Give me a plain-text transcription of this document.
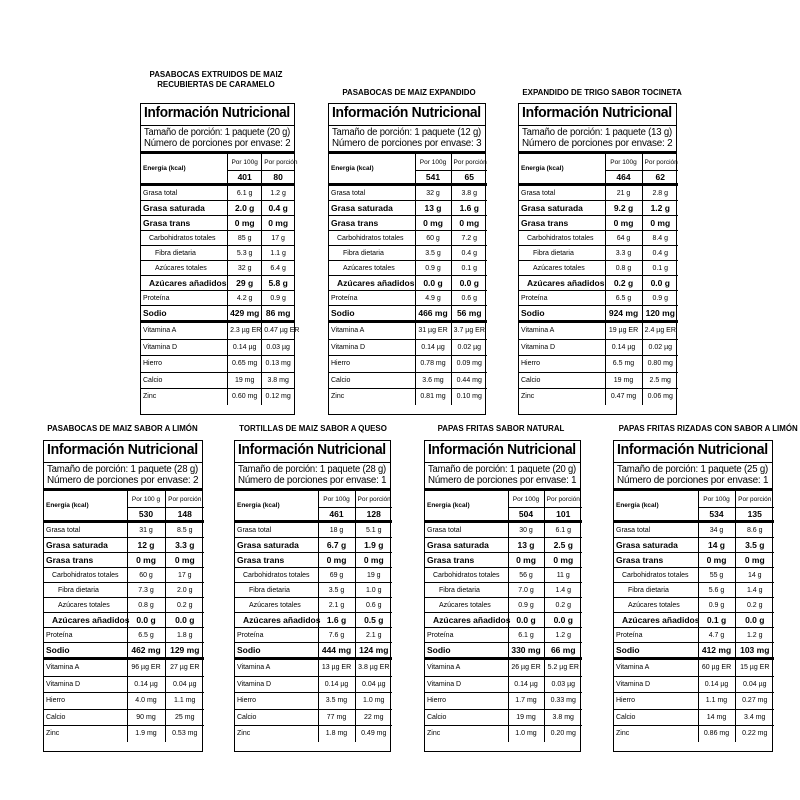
PASABOCAS EXTRUIDOS DE MAIZ
RECUBIERTAS DE CARAMELO
Información Nutricional
Tamaño de porción: 1 paquete (20 g)
Número de porciones por envase: 2
Energía (kcal)	Por 100g	Por porción
	401	80
Grasa total	6.1 g	1.2 g
Grasa saturada	2.0 g	0.4 g
Grasa trans	0 mg	0 mg
Carbohidratos totales	85 g	17 g
Fibra dietaria	5.3 g	1.1 g
Azúcares totales	32 g	6.4 g
Azúcares añadidos	29 g	5.8 g
Proteína	4.2 g	0.9 g
Sodio	429 mg	86 mg
Vitamina A	2.3 µg ER	0.47 µg ER
Vitamina D	0.14 µg	0.03 µg
Hierro	0.65 mg	0.13 mg
Calcio	19 mg	3.8 mg
Zinc	0.60 mg	0.12 mg
PASABOCAS DE MAIZ EXPANDIDO
Información Nutricional
Tamaño de porción: 1 paquete (12 g)
Número de porciones por envase: 3
Energía (kcal)	Por 100g	Por porción
	541	65
Grasa total	32 g	3.8 g
Grasa saturada	13 g	1.6 g
Grasa trans	0 mg	0 mg
Carbohidratos totales	60 g	7.2 g
Fibra dietaria	3.5 g	0.4 g
Azúcares totales	0.9 g	0.1 g
Azúcares añadidos	0.0 g	0.0 g
Proteína	4.9 g	0.6 g
Sodio	466 mg	56 mg
Vitamina A	31 µg ER	3.7 µg ER
Vitamina D	0.14 µg	0.02 µg
Hierro	0.78 mg	0.09 mg
Calcio	3.6 mg	0.44 mg
Zinc	0.81 mg	0.10 mg
EXPANDIDO DE TRIGO SABOR TOCINETA
Información Nutricional
Tamaño de porción: 1 paquete (13 g)
Número de porciones por envase: 2
Energía (kcal)	Por 100g	Por porción
	464	62
Grasa total	21 g	2.8 g
Grasa saturada	9.2 g	1.2 g
Grasa trans	0 mg	0 mg
Carbohidratos totales	64 g	8.4 g
Fibra dietaria	3.3 g	0.4 g
Azúcares totales	0.8 g	0.1 g
Azúcares añadidos	0.2 g	0.0 g
Proteína	6.5 g	0.9 g
Sodio	924 mg	120 mg
Vitamina A	19 µg ER	2.4 µg ER
Vitamina D	0.14 µg	0.02 µg
Hierro	6.5 mg	0.80 mg
Calcio	19 mg	2.5 mg
Zinc	0.47 mg	0.06 mg
PASABOCAS DE MAIZ SABOR A LIMÓN
Información Nutricional
Tamaño de porción: 1 paquete (28 g)
Número de porciones por envase: 2
Energía (kcal)	Por 100 g	Por porción
	530	148
Grasa total	31 g	8.5 g
Grasa saturada	12 g	3.3 g
Grasa trans	0 mg	0 mg
Carbohidratos totales	60 g	17 g
Fibra dietaria	7.3 g	2.0 g
Azúcares totales	0.8 g	0.2 g
Azúcares añadidos	0.0 g	0.0 g
Proteína	6.5 g	1.8 g
Sodio	462 mg	129 mg
Vitamina A	96 µg ER	27 µg ER
Vitamina D	0.14 µg	0.04 µg
Hierro	4.0 mg	1.1 mg
Calcio	90 mg	25 mg
Zinc	1.9 mg	0.53 mg
TORTILLAS DE MAIZ SABOR A QUESO
Información Nutricional
Tamaño de porción: 1 paquete (28 g)
Número de porciones por envase: 1
Energía (kcal)	Por 100g	Por porción
	461	128
Grasa total	18 g	5.1 g
Grasa saturada	6.7 g	1.9 g
Grasa trans	0 mg	0 mg
Carbohidratos totales	69 g	19 g
Fibra dietaria	3.5 g	1.0 g
Azúcares totales	2.1 g	0.6 g
Azúcares añadidos	1.6 g	0.5 g
Proteína	7.6 g	2.1 g
Sodio	444 mg	124 mg
Vitamina A	13 µg ER	3.8 µg ER
Vitamina D	0.14 µg	0.04 µg
Hierro	3.5 mg	1.0 mg
Calcio	77 mg	22 mg
Zinc	1.8 mg	0.49 mg
PAPAS FRITAS SABOR NATURAL
Información Nutricional
Tamaño de porción: 1 paquete (20 g)
Número de porciones por envase: 1
Energía (kcal)	Por 100g	Por porción
	504	101
Grasa total	30 g	6.1 g
Grasa saturada	13 g	2.5 g
Grasa trans	0 mg	0 mg
Carbohidratos totales	56 g	11 g
Fibra dietaria	7.0 g	1.4 g
Azúcares totales	0.9 g	0.2 g
Azúcares añadidos	0.0 g	0.0 g
Proteína	6.1 g	1.2 g
Sodio	330 mg	66 mg
Vitamina A	26 µg ER	5.2 µg ER
Vitamina D	0.14 µg	0.03 µg
Hierro	1.7 mg	0.33 mg
Calcio	19 mg	3.8 mg
Zinc	1.0 mg	0.20 mg
PAPAS FRITAS RIZADAS CON SABOR A LIMÓN
Información Nutricional
Tamaño de porción: 1 paquete (25 g)
Número de porciones por envase: 1
Energía (kcal)	Por 100g	Por porción
	534	135
Grasa total	34 g	8.6 g
Grasa saturada	14 g	3.5 g
Grasa trans	0 mg	0 mg
Carbohidratos totales	55 g	14 g
Fibra dietaria	5.6 g	1.4 g
Azúcares totales	0.9 g	0.2 g
Azúcares añadidos	0.1 g	0.0 g
Proteína	4.7 g	1.2 g
Sodio	412 mg	103 mg
Vitamina A	60 µg ER	15 µg ER
Vitamina D	0.14 µg	0.04 µg
Hierro	1.1 mg	0.27 mg
Calcio	14 mg	3.4 mg
Zinc	0.86 mg	0.22 mg
